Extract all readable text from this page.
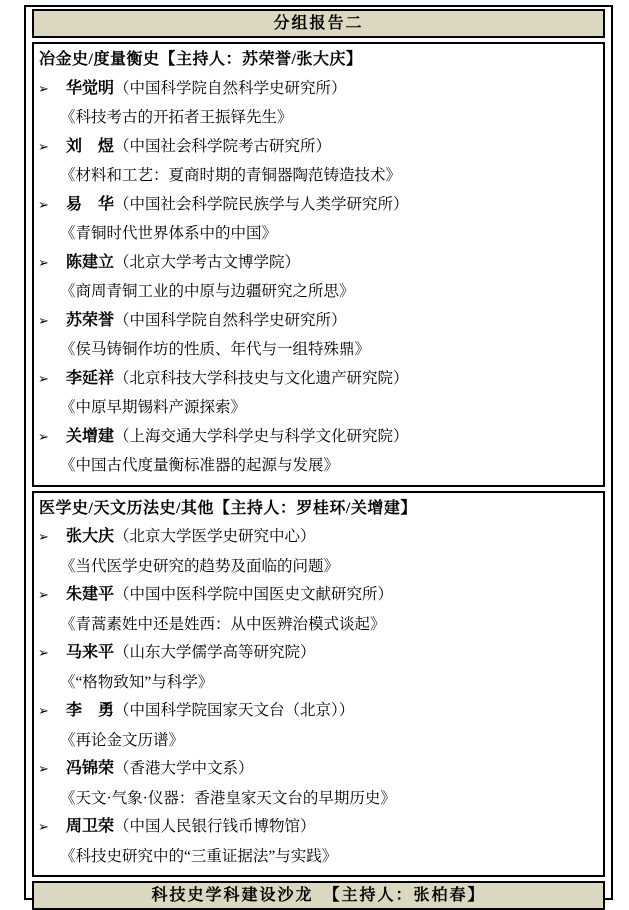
分组报告二
冶金史/度量衡史【主持人：苏荣誉/张大庆】
➢	华觉明 （中国科学院自然科学史研究所）
《科技考古的开拓者王振铎先生》
➢	刘　煜 （中国社会科学院考古研究所）
《材料和工艺：夏商时期的青铜器陶范铸造技术》
➢	易　华 （中国社会科学院民族学与人类学研究所）
《青铜时代世界体系中的中国》
➢	陈建立 （北京大学考古文博学院）
《商周青铜工业的中原与边疆研究之所思》
➢	苏荣誉 （中国科学院自然科学史研究所）
《侯马铸铜作坊的性质、年代与一组特殊鼎》
➢	李延祥 （北京科技大学科技史与文化遗产研究院）
《中原早期锡料产源探索》
➢	关增建 （上海交通大学科学史与科学文化研究院）
《中国古代度量衡标准器的起源与发展》
医学史/天文历法史/其他【主持人：罗桂环/关增建】
➢	张大庆 （北京大学医学史研究中心）
《当代医学史研究的趋势及面临的问题》
➢	朱建平 （中国中医科学院中国医史文献研究所）
《青蒿素姓中还是姓西：从中医辨治模式谈起》
➢	马来平 （山东大学儒学高等研究院）
《“格物致知”与科学》
➢	李　勇 （中国科学院国家天文台（北京））
《再论金文历谱》
➢	冯锦荣 （香港大学中文系）
《天文·气象·仪器：香港皇家天文台的早期历史》
➢	周卫荣 （中国人民银行钱币博物馆）
《科技史研究中的“三重证据法”与实践》
科技史学科建设沙龙　【主持人：张柏春】
